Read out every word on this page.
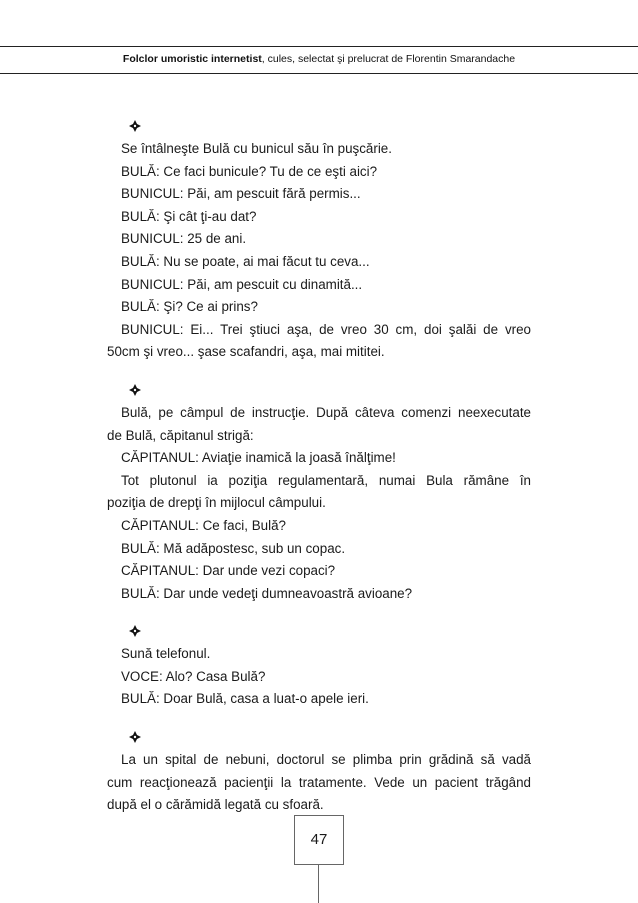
Folclor umoristic internetist, cules, selectat şi prelucrat de Florentin Smarandache
Se întâlneşte Bulă cu bunicul său în puşcărie.
BULĂ: Ce faci bunicule? Tu de ce eşti aici?
BUNICUL: Păi, am pescuit fără permis...
BULĂ: Şi cât ţi-au dat?
BUNICUL: 25 de ani.
BULĂ: Nu se poate, ai mai făcut tu ceva...
BUNICUL: Păi, am pescuit cu dinamită...
BULĂ: Şi? Ce ai prins?
BUNICUL: Ei... Trei ştiuci aşa, de vreo 30 cm, doi şalăi de vreo
50cm şi vreo... şase scafandri, aşa, mai mititei.
Bulă, pe câmpul de instrucţie. După câteva comenzi neexecutate
de Bulă, căpitanul strigă:
CĂPITANUL: Aviaţie inamică la joasă înălţime!
Tot plutonul ia poziţia regulamentară, numai Bula rămâne în
poziţia de drepţi în mijlocul câmpului.
CĂPITANUL: Ce faci, Bulă?
BULĂ: Mă adăpostesc, sub un copac.
CĂPITANUL: Dar unde vezi copaci?
BULĂ: Dar unde vedeţi dumneavoastră avioane?
Sună telefonul.
VOCE: Alo? Casa Bulă?
BULĂ: Doar Bulă, casa a luat-o apele ieri.
La un spital de nebuni, doctorul se plimba prin grădină să vadă
cum reacţionează pacienţii la tratamente. Vede un pacient trăgând
după el o cărămidă legată cu sfoară.
47
